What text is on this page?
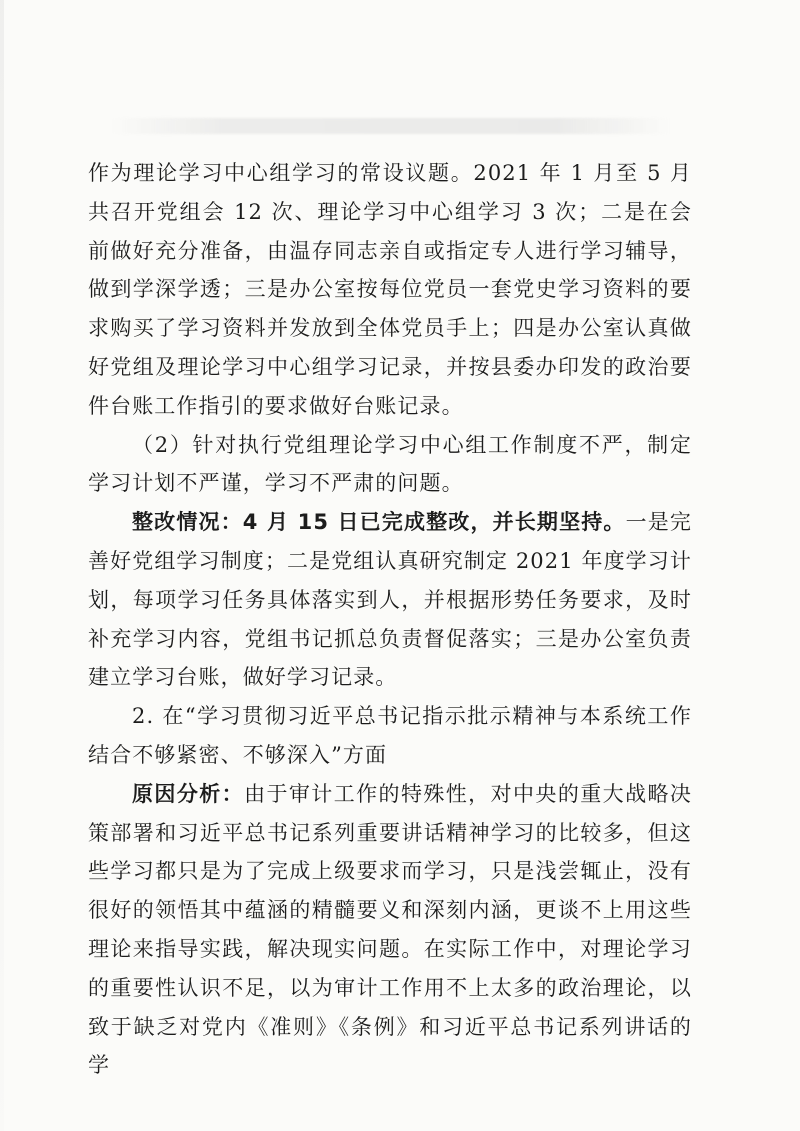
作为理论学习中心组学习的常设议题。2021 年 1 月至 5 月共召开党组会 12 次、理论学习中心组学习 3 次；二是在会前做好充分准备，由温存同志亲自或指定专人进行学习辅导，做到学深学透；三是办公室按每位党员一套党史学习资料的要求购买了学习资料并发放到全体党员手上；四是办公室认真做好党组及理论学习中心组学习记录，并按县委办印发的政治要件台账工作指引的要求做好台账记录。

（2）针对执行党组理论学习中心组工作制度不严，制定学习计划不严谨，学习不严肃的问题。

整改情况：4 月 15 日已完成整改，并长期坚持。一是完善好党组学习制度；二是党组认真研究制定 2021 年度学习计划，每项学习任务具体落实到人，并根据形势任务要求，及时补充学习内容，党组书记抓总负责督促落实；三是办公室负责建立学习台账，做好学习记录。

2. 在“学习贯彻习近平总书记指示批示精神与本系统工作结合不够紧密、不够深入”方面

原因分析：由于审计工作的特殊性，对中央的重大战略决策部署和习近平总书记系列重要讲话精神学习的比较多，但这些学习都只是为了完成上级要求而学习，只是浅尝辄止，没有很好的领悟其中蕴涵的精髓要义和深刻内涵，更谈不上用这些理论来指导实践，解决现实问题。在实际工作中，对理论学习的重要性认识不足，以为审计工作用不上太多的政治理论，以致于缺乏对党内《准则》《条例》和习近平总书记系列讲话的学
